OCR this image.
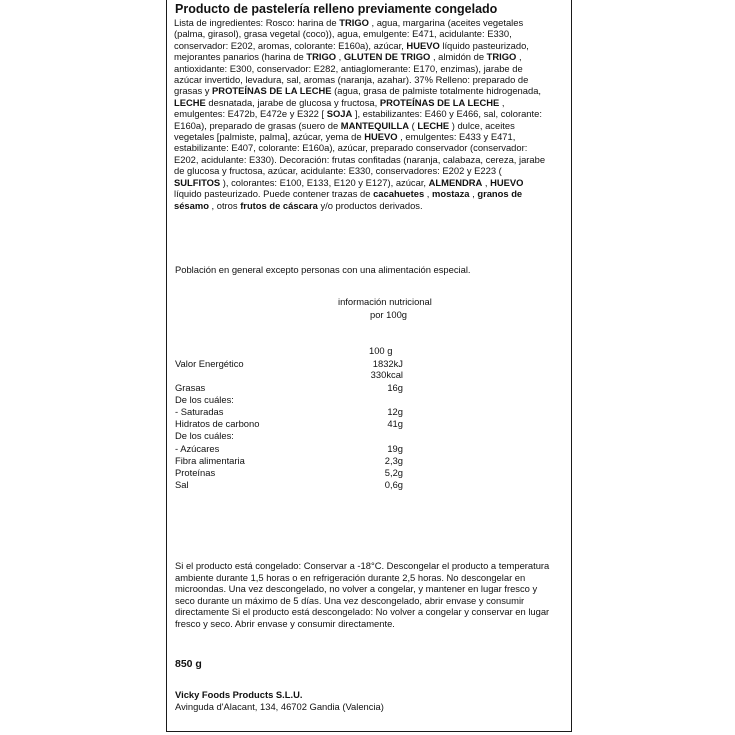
Producto de pastelería relleno previamente congelado
Lista de ingredientes: Rosco: harina de TRIGO , agua, margarina (aceites vegetales (palma, girasol), grasa vegetal (coco)), agua, emulgente: E471, acidulante: E330, conservador: E202, aromas, colorante: E160a), azúcar, HUEVO líquido pasteurizado, mejorantes panarios (harina de TRIGO , GLUTEN DE TRIGO , almidón de TRIGO , antioxidante: E300, conservador: E282, antiaglomerante: E170, enzimas), jarabe de azúcar invertido, levadura, sal, aromas (naranja, azahar). 37% Relleno: preparado de grasas y PROTEÍNAS DE LA LECHE (agua, grasa de palmiste totalmente hidrogenada, LECHE desnatada, jarabe de glucosa y fructosa, PROTEÍNAS DE LA LECHE , emulgentes: E472b, E472e y E322 [ SOJA ], estabilizantes: E460 y E466, sal, colorante: E160a), preparado de grasas (suero de MANTEQUILLA ( LECHE ) dulce, aceites vegetales [palmiste, palma], azúcar, yema de HUEVO , emulgentes: E433 y E471, estabilizante: E407, colorante: E160a), azúcar, preparado conservador (conservador: E202, acidulante: E330). Decoración: frutas confitadas (naranja, calabaza, cereza, jarabe de glucosa y fructosa, azúcar, acidulante: E330, conservadores: E202 y E223 ( SULFITOS ), colorantes: E100, E133, E120 y E127), azúcar, ALMENDRA , HUEVO líquido pasteurizado. Puede contener trazas de cacahuetes , mostaza , granos de sésamo , otros frutos de cáscara y/o productos derivados.
Población en general excepto personas con una alimentación especial.
información nutricional
por 100g
100 g
Valor Energético	1832kJ
330kcal
Grasas	16g
De los cuáles:
- Saturadas	12g
Hidratos de carbono	41g
De los cuáles:
- Azúcares	19g
Fibra alimentaria	2,3g
Proteínas	5,2g
Sal	0,6g
Si el producto está congelado: Conservar a -18°C. Descongelar el producto a temperatura ambiente durante 1,5 horas o en refrigeración durante 2,5 horas. No descongelar en microondas. Una vez descongelado, no volver a congelar, y mantener en lugar fresco y seco durante un máximo de 5 días. Una vez descongelado, abrir envase y consumir directamente Si el producto está descongelado: No volver a congelar y conservar en lugar fresco y seco. Abrir envase y consumir directamente.
850 g
Vicky Foods Products S.L.U.
Avinguda d'Alacant, 134, 46702 Gandia (Valencia)
